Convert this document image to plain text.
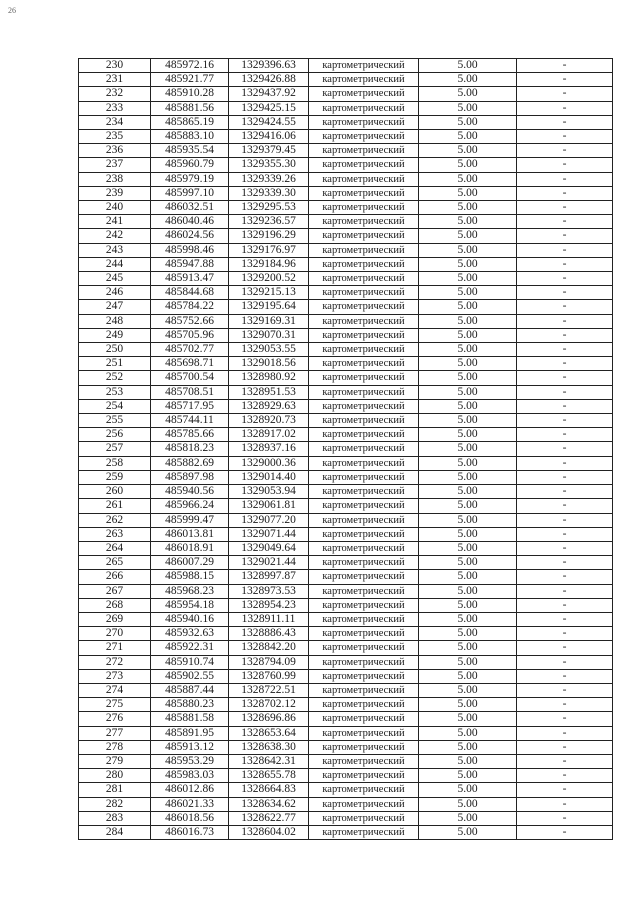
26
230	485972.16	1329396.63	картометрический	5.00	-
231	485921.77	1329426.88	картометрический	5.00	-
232	485910.28	1329437.92	картометрический	5.00	-
233	485881.56	1329425.15	картометрический	5.00	-
234	485865.19	1329424.55	картометрический	5.00	-
235	485883.10	1329416.06	картометрический	5.00	-
236	485935.54	1329379.45	картометрический	5.00	-
237	485960.79	1329355.30	картометрический	5.00	-
238	485979.19	1329339.26	картометрический	5.00	-
239	485997.10	1329339.30	картометрический	5.00	-
240	486032.51	1329295.53	картометрический	5.00	-
241	486040.46	1329236.57	картометрический	5.00	-
242	486024.56	1329196.29	картометрический	5.00	-
243	485998.46	1329176.97	картометрический	5.00	-
244	485947.88	1329184.96	картометрический	5.00	-
245	485913.47	1329200.52	картометрический	5.00	-
246	485844.68	1329215.13	картометрический	5.00	-
247	485784.22	1329195.64	картометрический	5.00	-
248	485752.66	1329169.31	картометрический	5.00	-
249	485705.96	1329070.31	картометрический	5.00	-
250	485702.77	1329053.55	картометрический	5.00	-
251	485698.71	1329018.56	картометрический	5.00	-
252	485700.54	1328980.92	картометрический	5.00	-
253	485708.51	1328951.53	картометрический	5.00	-
254	485717.95	1328929.63	картометрический	5.00	-
255	485744.11	1328920.73	картометрический	5.00	-
256	485785.66	1328917.02	картометрический	5.00	-
257	485818.23	1328937.16	картометрический	5.00	-
258	485882.69	1329000.36	картометрический	5.00	-
259	485897.98	1329014.40	картометрический	5.00	-
260	485940.56	1329053.94	картометрический	5.00	-
261	485966.24	1329061.81	картометрический	5.00	-
262	485999.47	1329077.20	картометрический	5.00	-
263	486013.81	1329071.44	картометрический	5.00	-
264	486018.91	1329049.64	картометрический	5.00	-
265	486007.29	1329021.44	картометрический	5.00	-
266	485988.15	1328997.87	картометрический	5.00	-
267	485968.23	1328973.53	картометрический	5.00	-
268	485954.18	1328954.23	картометрический	5.00	-
269	485940.16	1328911.11	картометрический	5.00	-
270	485932.63	1328886.43	картометрический	5.00	-
271	485922.31	1328842.20	картометрический	5.00	-
272	485910.74	1328794.09	картометрический	5.00	-
273	485902.55	1328760.99	картометрический	5.00	-
274	485887.44	1328722.51	картометрический	5.00	-
275	485880.23	1328702.12	картометрический	5.00	-
276	485881.58	1328696.86	картометрический	5.00	-
277	485891.95	1328653.64	картометрический	5.00	-
278	485913.12	1328638.30	картометрический	5.00	-
279	485953.29	1328642.31	картометрический	5.00	-
280	485983.03	1328655.78	картометрический	5.00	-
281	486012.86	1328664.83	картометрический	5.00	-
282	486021.33	1328634.62	картометрический	5.00	-
283	486018.56	1328622.77	картометрический	5.00	-
284	486016.73	1328604.02	картометрический	5.00	-
